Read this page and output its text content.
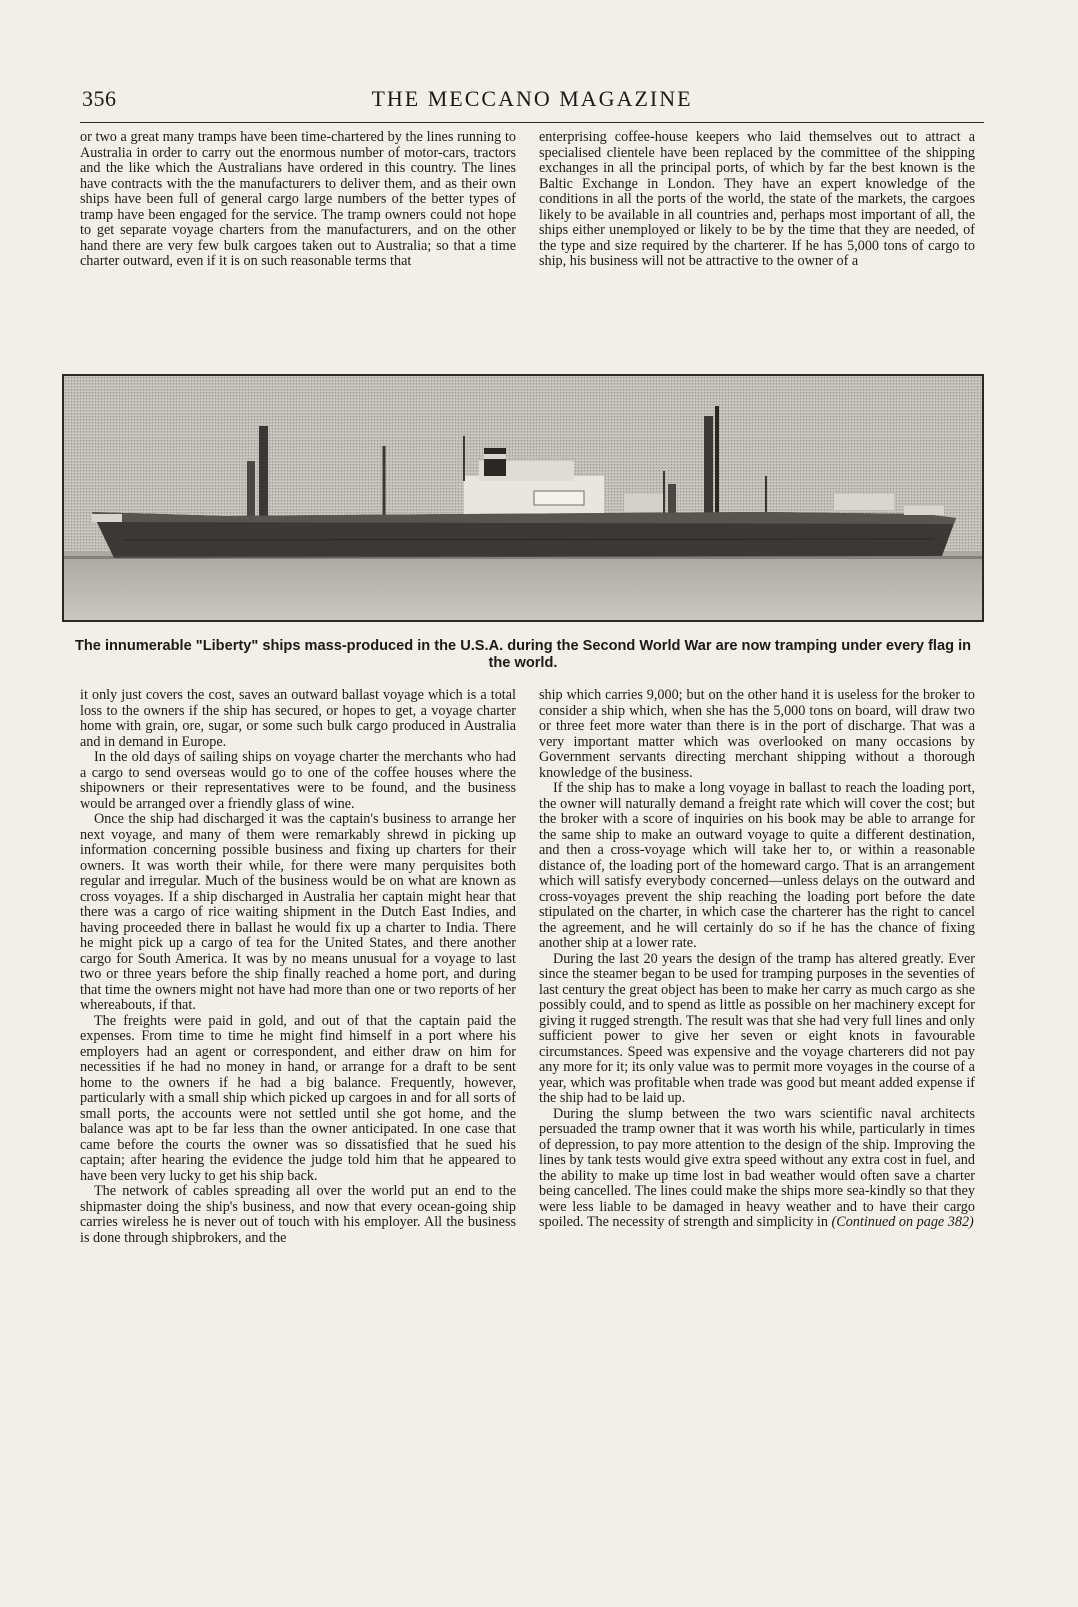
356	THE MECCANO MAGAZINE

or two a great many tramps have been time-chartered by the lines running to Australia in order to carry out the enormous number of motor-cars, tractors and the like which the Australians have ordered in this country. The lines have contracts with the the manufacturers to deliver them, and as their own ships have been full of general cargo large numbers of the better types of tramp have been engaged for the service. The tramp owners could not hope to get separate voyage charters from the manufacturers, and on the other hand there are very few bulk cargoes taken out to Australia; so that a time charter outward, even if it is on such reasonable terms that

enterprising coffee-house keepers who laid themselves out to attract a specialised clientele have been replaced by the committee of the shipping exchanges in all the principal ports, of which by far the best known is the Baltic Exchange in London. They have an expert knowledge of the conditions in all the ports of the world, the state of the markets, the cargoes likely to be available in all countries and, perhaps most important of all, the ships either unemployed or likely to be by the time that they are needed, of the type and size required by the charterer. If he has 5,000 tons of cargo to ship, his business will not be attractive to the owner of a

The innumerable "Liberty" ships mass-produced in the U.S.A. during the Second World War are now tramping under every flag in the world.

it only just covers the cost, saves an outward ballast voyage which is a total loss to the owners if the ship has secured, or hopes to get, a voyage charter home with grain, ore, sugar, or some such bulk cargo produced in Australia and in demand in Europe.

In the old days of sailing ships on voyage charter the merchants who had a cargo to send overseas would go to one of the coffee houses where the shipowners or their representatives were to be found, and the business would be arranged over a friendly glass of wine.

Once the ship had discharged it was the captain's business to arrange her next voyage, and many of them were remarkably shrewd in picking up information concerning possible business and fixing up charters for their owners. It was worth their while, for there were many perquisites both regular and irregular. Much of the business would be on what are known as cross voyages. If a ship discharged in Australia her captain might hear that there was a cargo of rice waiting shipment in the Dutch East Indies, and having proceeded there in ballast he would fix up a charter to India. There he might pick up a cargo of tea for the United States, and there another cargo for South America. It was by no means unusual for a voyage to last two or three years before the ship finally reached a home port, and during that time the owners might not have had more than one or two reports of her whereabouts, if that.

The freights were paid in gold, and out of that the captain paid the expenses. From time to time he might find himself in a port where his employers had an agent or correspondent, and either draw on him for necessities if he had no money in hand, or arrange for a draft to be sent home to the owners if he had a big balance. Frequently, however, particularly with a small ship which picked up cargoes in and for all sorts of small ports, the accounts were not settled until she got home, and the balance was apt to be far less than the owner anticipated. In one case that came before the courts the owner was so dissatisfied that he sued his captain; after hearing the evidence the judge told him that he appeared to have been very lucky to get his ship back.

The network of cables spreading all over the world put an end to the shipmaster doing the ship's business, and now that every ocean-going ship carries wireless he is never out of touch with his employer. All the business is done through shipbrokers, and the

ship which carries 9,000; but on the other hand it is useless for the broker to consider a ship which, when she has the 5,000 tons on board, will draw two or three feet more water than there is in the port of discharge. That was a very important matter which was overlooked on many occasions by Government servants directing merchant shipping without a thorough knowledge of the business.

If the ship has to make a long voyage in ballast to reach the loading port, the owner will naturally demand a freight rate which will cover the cost; but the broker with a score of inquiries on his book may be able to arrange for the same ship to make an outward voyage to quite a different destination, and then a cross-voyage which will take her to, or within a reasonable distance of, the loading port of the homeward cargo. That is an arrangement which will satisfy everybody concerned—unless delays on the outward and cross-voyages prevent the ship reaching the loading port before the date stipulated on the charter, in which case the charterer has the right to cancel the agreement, and he will certainly do so if he has the chance of fixing another ship at a lower rate.

During the last 20 years the design of the tramp has altered greatly. Ever since the steamer began to be used for tramping purposes in the seventies of last century the great object has been to make her carry as much cargo as she possibly could, and to spend as little as possible on her machinery except for giving it rugged strength. The result was that she had very full lines and only sufficient power to give her seven or eight knots in favourable circumstances. Speed was expensive and the voyage charterers did not pay any more for it; its only value was to permit more voyages in the course of a year, which was profitable when trade was good but meant added expense if the ship had to be laid up.

During the slump between the two wars scientific naval architects persuaded the tramp owner that it was worth his while, particularly in times of depression, to pay more attention to the design of the ship. Improving the lines by tank tests would give extra speed without any extra cost in fuel, and the ability to make up time lost in bad weather would often save a charter being cancelled. The lines could make the ships more sea-kindly so that they were less liable to be damaged in heavy weather and to have their cargo spoiled. The necessity of strength and simplicity in (Continued on page 382)
